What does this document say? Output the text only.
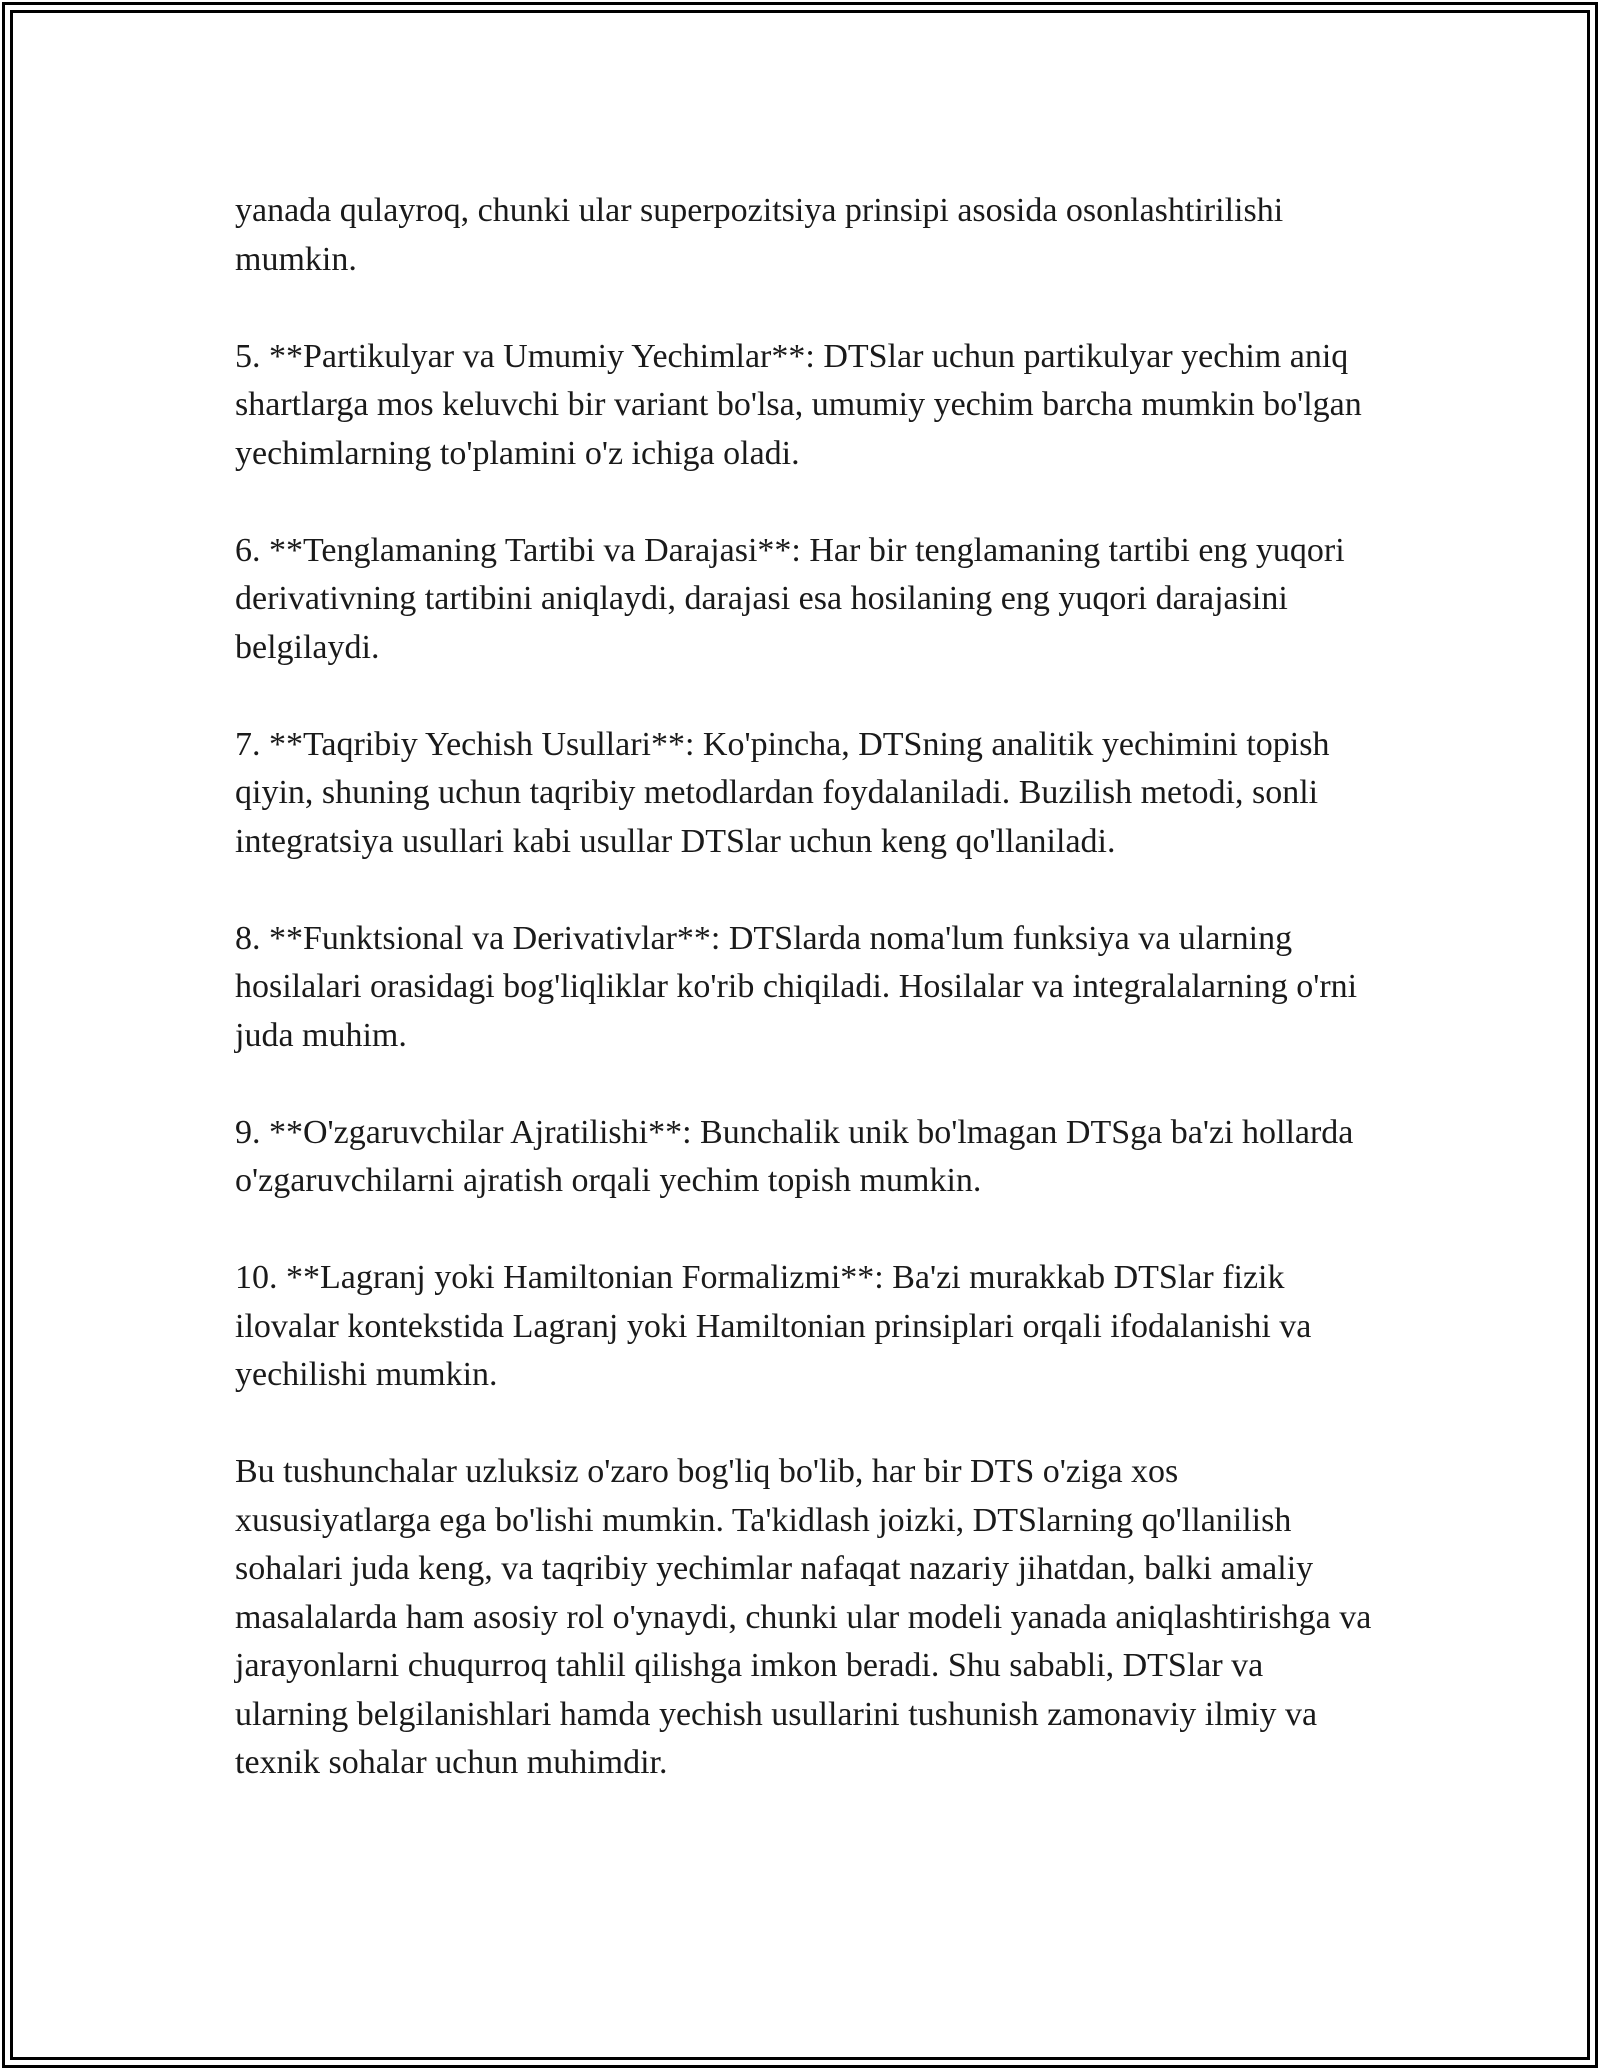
yanada qulayroq, chunki ular superpozitsiya prinsipi asosida osonlashtirilishi mumkin.

5. **Partikulyar va Umumiy Yechimlar**: DTSlar uchun partikulyar yechim aniq shartlarga mos keluvchi bir variant bo'lsa, umumiy yechim barcha mumkin bo'lgan yechimlarning to'plamini o'z ichiga oladi.

6. **Tenglamaning Tartibi va Darajasi**: Har bir tenglamaning tartibi eng yuqori derivativning tartibini aniqlaydi, darajasi esa hosilaning eng yuqori darajasini belgilaydi.

7. **Taqribiy Yechish Usullari**: Ko'pincha, DTSning analitik yechimini topish qiyin, shuning uchun taqribiy metodlardan foydalaniladi. Buzilish metodi, sonli integratsiya usullari kabi usullar DTSlar uchun keng qo'llaniladi.

8. **Funktsional va Derivativlar**: DTSlarda noma'lum funksiya va ularning hosilalari orasidagi bog'liqliklar ko'rib chiqiladi. Hosilalar va integralalarning o'rni juda muhim.

9. **O'zgaruvchilar Ajratilishi**: Bunchalik unik bo'lmagan DTSga ba'zi hollarda o'zgaruvchilarni ajratish orqali yechim topish mumkin.

10. **Lagranj yoki Hamiltonian Formalizmi**: Ba'zi murakkab DTSlar fizik ilovalar kontekstida Lagranj yoki Hamiltonian prinsiplari orqali ifodalanishi va yechilishi mumkin.

Bu tushunchalar uzluksiz o'zaro bog'liq bo'lib, har bir DTS o'ziga xos xususiyatlarga ega bo'lishi mumkin. Ta'kidlash joizki, DTSlarning qo'llanilish sohalari juda keng, va taqribiy yechimlar nafaqat nazariy jihatdan, balki amaliy masalalarda ham asosiy rol o'ynaydi, chunki ular modeli yanada aniqlashtirishga va jarayonlarni chuqurroq tahlil qilishga imkon beradi. Shu sababli, DTSlar va ularning belgilanishlari hamda yechish usullarini tushunish zamonaviy ilmiy va texnik sohalar uchun muhimdir.
